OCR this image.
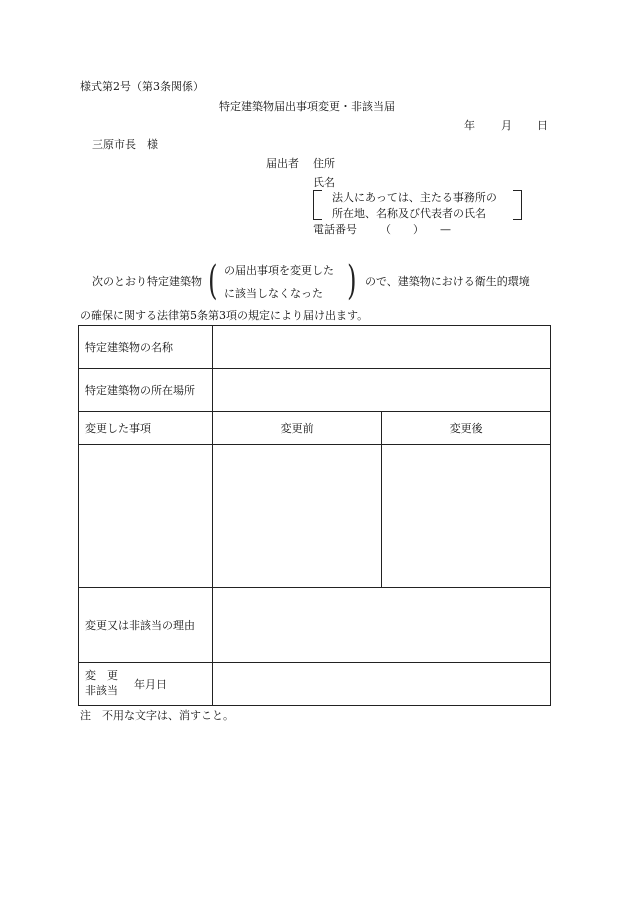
様式第2号（第3条関係）
特定建築物届出事項変更・非該当届
年 月 日
三原市長　様
届出者 住所
氏名
法人にあっては、主たる事務所の
所在地、名称及び代表者の氏名
電話番号 （　　） —
次のとおり特定建築物 ( の届出事項を変更した
に該当しなくなった ) ので、建築物における衛生的環境
の確保に関する法律第5条第3項の規定により届け出ます。
特定建築物の名称		
特定建築物の所在場所		
変更した事項	変更前	変更後

変更又は非該当の理由		

変　更
非該当 年月日		

注　不用な文字は、消すこと。
